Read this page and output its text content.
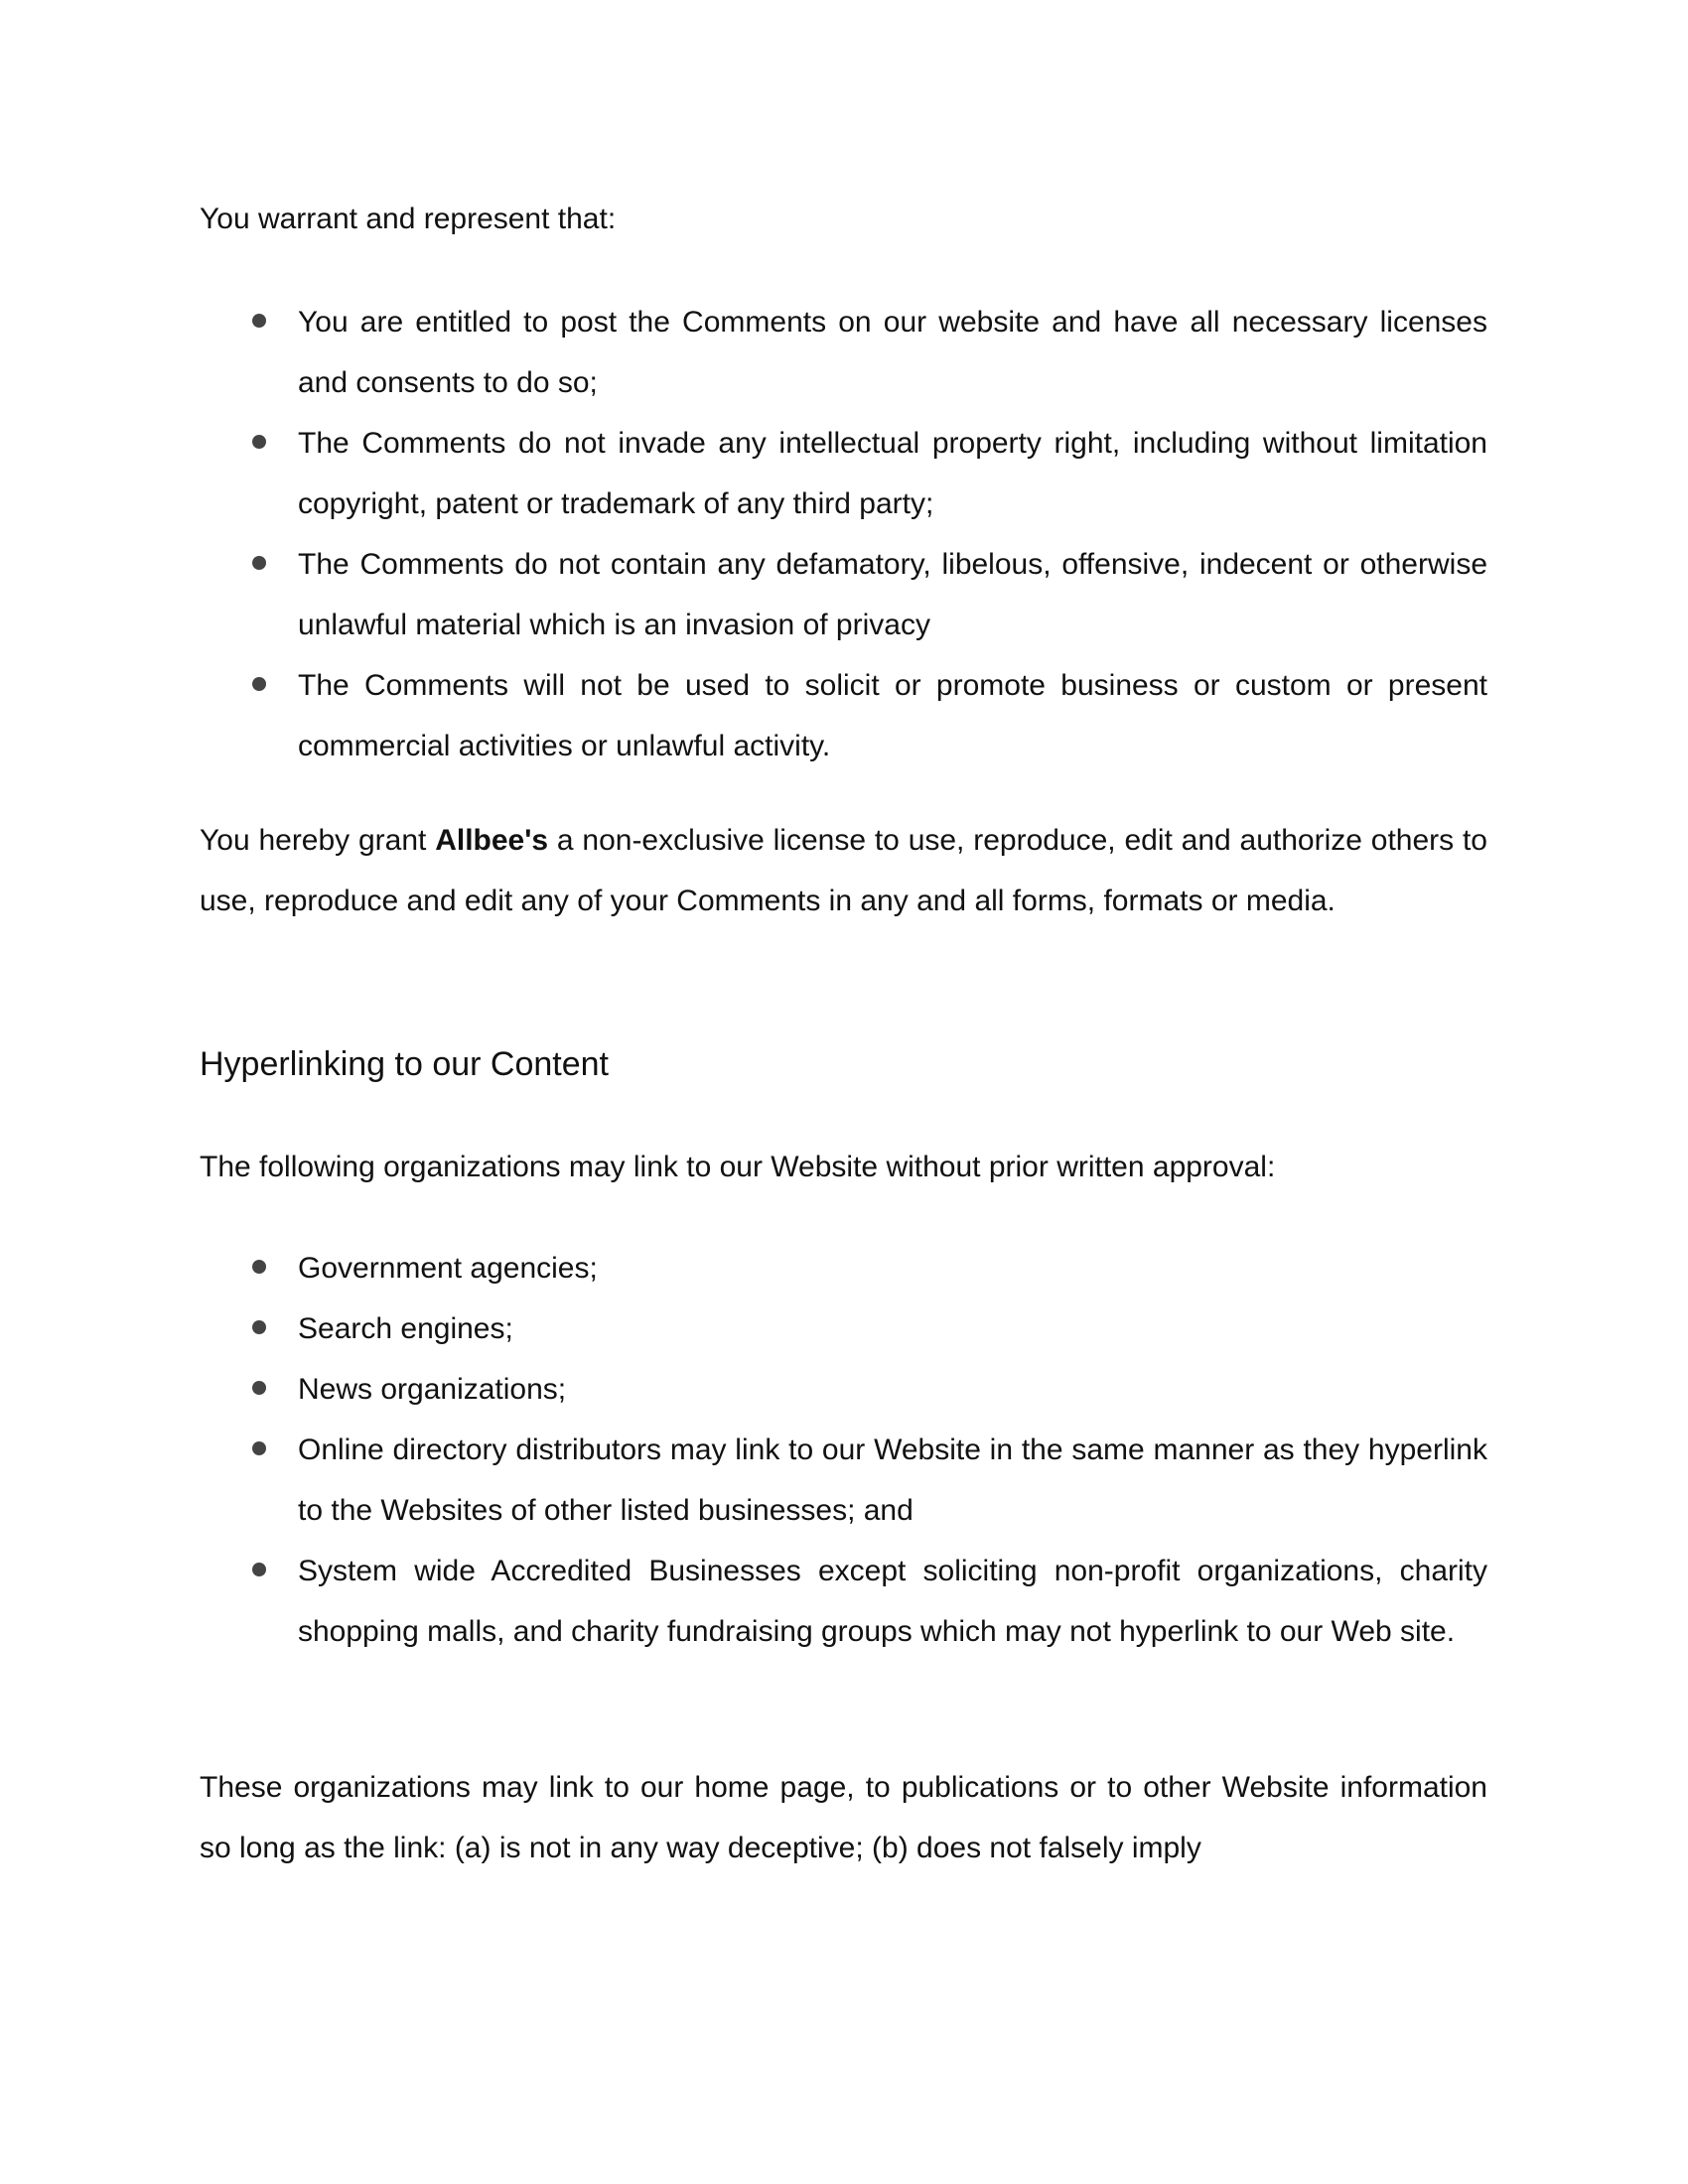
You warrant and represent that:

You are entitled to post the Comments on our website and have all necessary licenses and consents to do so;
The Comments do not invade any intellectual property right, including without limitation copyright, patent or trademark of any third party;
The Comments do not contain any defamatory, libelous, offensive, indecent or otherwise unlawful material which is an invasion of privacy
The Comments will not be used to solicit or promote business or custom or present commercial activities or unlawful activity.

You hereby grant Allbee's a non-exclusive license to use, reproduce, edit and authorize others to use, reproduce and edit any of your Comments in any and all forms, formats or media.

Hyperlinking to our Content

The following organizations may link to our Website without prior written approval:

Government agencies;
Search engines;
News organizations;
Online directory distributors may link to our Website in the same manner as they hyperlink to the Websites of other listed businesses; and
System wide Accredited Businesses except soliciting non-profit organizations, charity shopping malls, and charity fundraising groups which may not hyperlink to our Web site.

These organizations may link to our home page, to publications or to other Website information so long as the link: (a) is not in any way deceptive; (b) does not falsely imply
